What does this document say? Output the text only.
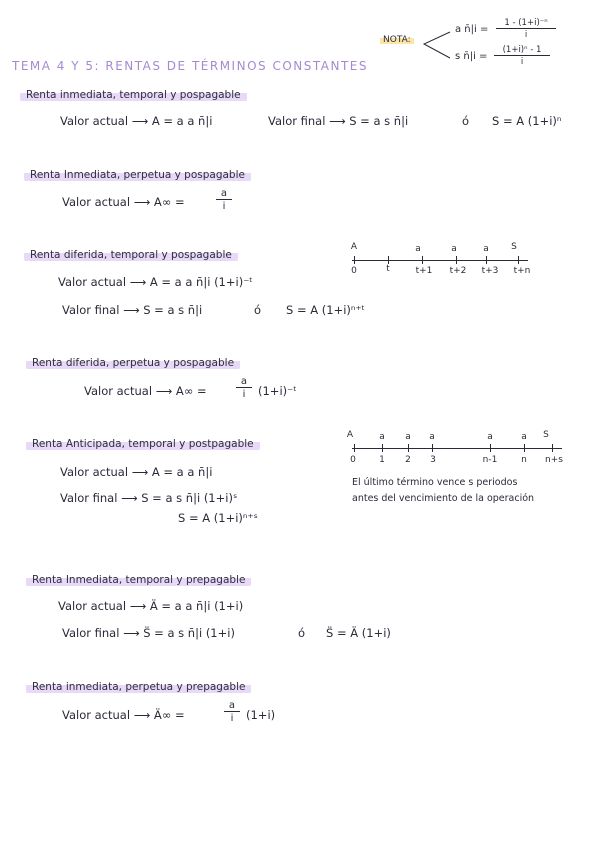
NOTA:
a n̄|i = $\frac{\text{1 - (1+i)⁻ⁿ}}{i}$
s n̄|i = $\frac{\text{(1+i)ⁿ - 1}}{i}$
TEMA 4 Y 5: RENTAS DE TÉRMINOS CONSTANTES
Renta inmediata, temporal y pospagable
Valor actual ⟶ A = a a n̄|i	Valor final ⟶ S = a s n̄|i	ó S = A (1+i)ⁿ
Renta Inmediata, perpetua y pospagable
Valor actual ⟶ A∞ =	$\frac{a}{i}$
Renta diferida, temporal y pospagable
Valor actual ⟶ A = a a n̄|i (1+i)⁻ᵗ
Valor final ⟶ S = a s n̄|i	ó S = A (1+i)ⁿ⁺ᵗ
A	a	a	a	S
0	t	t+1	t+2	t+3	t+n
Renta diferida, perpetua y pospagable
Valor actual ⟶ A∞ =	$\frac{a}{i}$ (1+i)⁻ᵗ
Renta Anticipada, temporal y postpagable
Valor actual ⟶ A = a a n̄|i
Valor final ⟶ S = a s n̄|i (1+i)ˢ
S = A (1+i)ⁿ⁺ˢ
A	a	a	a	a	a	S
0	1	2	3	n-1	n	n+s
El último término vence s periodos
antes del vencimiento de la operación
Renta Inmediata, temporal y prepagable
Valor actual ⟶ Ä = a a n̄|i (1+i)
Valor final ⟶ S̈ = a s n̄|i (1+i)	ó S̈ = Ä (1+i)
Renta inmediata, perpetua y prepagable
Valor actual ⟶ Ä∞ =	$\frac{a}{i} (1+i)$
